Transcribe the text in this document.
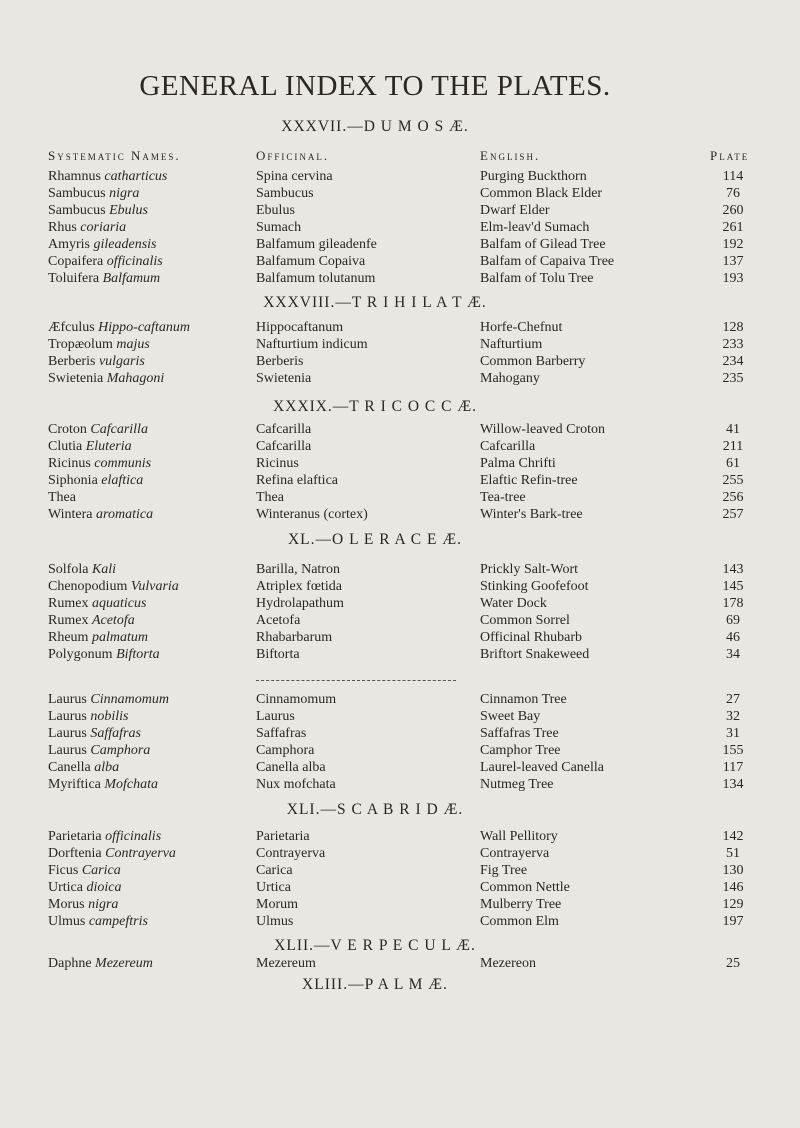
GENERAL INDEX TO THE PLATES.
XXXVII.—D U M O S Æ.
Systematic Names.	Officinal.	English.	Plate
Rhamnus catharticus	Spina cervina	Purging Buckthorn	114
Sambucus nigra	Sambucus	Common Black Elder	76
Sambucus Ebulus	Ebulus	Dwarf Elder	260
Rhus coriaria	Sumach	Elm-leav'd Sumach	261
Amyris gileadensis	Balfamum gileadenfe	Balfam of Gilead Tree	192
Copaifera officinalis	Balfamum Copaiva	Balfam of Capaiva Tree	137
Toluifera Balfamum	Balfamum tolutanum	Balfam of Tolu Tree	193
XXXVIII.—T R I H I L A T Æ.
Æfculus Hippo-caftanum	Hippocaftanum	Horfe-Chefnut	128
Tropæolum majus	Nafturtium indicum	Nafturtium	233
Berberis vulgaris	Berberis	Common Barberry	234
Swietenia Mahagoni	Swietenia	Mahogany	235
XXXIX.—T R I C O C C Æ.
Croton Cafcarilla	Cafcarilla	Willow-leaved Croton	41
Clutia Eluteria	Cafcarilla	Cafcarilla	211
Ricinus communis	Ricinus	Palma Chrifti	61
Siphonia elaftica	Refina elaftica	Elaftic Refin-tree	255
Thea	Thea	Tea-tree	256
Wintera aromatica	Winteranus (cortex)	Winter's Bark-tree	257
XL.—O L E R A C E Æ.
Solfola Kali	Barilla, Natron	Prickly Salt-Wort	143
Chenopodium Vulvaria	Atriplex fœtida	Stinking Goofefoot	145
Rumex aquaticus	Hydrolapathum	Water Dock	178
Rumex Acetofa	Acetofa	Common Sorrel	69
Rheum palmatum	Rhabarbarum	Officinal Rhubarb	46
Polygonum Biftorta	Biftorta	Briftort Snakeweed	34
Laurus Cinnamomum	Cinnamomum	Cinnamon Tree	27
Laurus nobilis	Laurus	Sweet Bay	32
Laurus Saffafras	Saffafras	Saffafras Tree	31
Laurus Camphora	Camphora	Camphor Tree	155
Canella alba	Canella alba	Laurel-leaved Canella	117
Myriftica Mofchata	Nux mofchata	Nutmeg Tree	134
XLI.—S C A B R I D Æ.
Parietaria officinalis	Parietaria	Wall Pellitory	142
Dorftenia Contrayerva	Contrayerva	Contrayerva	51
Ficus Carica	Carica	Fig Tree	130
Urtica dioica	Urtica	Common Nettle	146
Morus nigra	Morum	Mulberry Tree	129
Ulmus campeftris	Ulmus	Common Elm	197
XLII.—V E R P E C U L Æ.
Daphne Mezereum	Mezereum	Mezereon	25
XLIII.—P A L M Æ.
